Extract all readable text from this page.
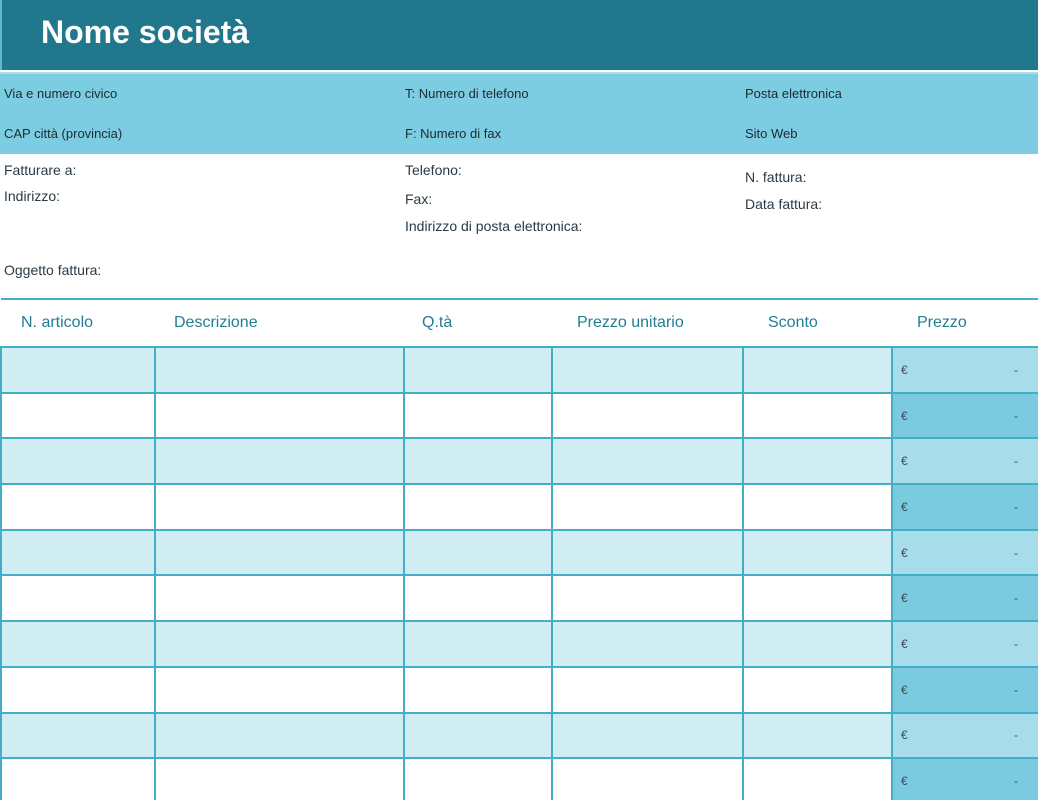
Nome società
Via e numero civico
CAP città (provincia)
T: Numero di telefono
F: Numero di fax
Posta elettronica
Sito Web
Fatturare a:
Indirizzo:
Telefono:
Fax:
Indirizzo di posta elettronica:
N. fattura:
Data fattura:
Oggetto fattura:
N. articolo	Descrizione	Q.tà	Prezzo unitario	Sconto	Prezzo

					€ -

					€ -

					€ -

					€ -

					€ -

					€ -

					€ -

					€ -

					€ -

					€ -
